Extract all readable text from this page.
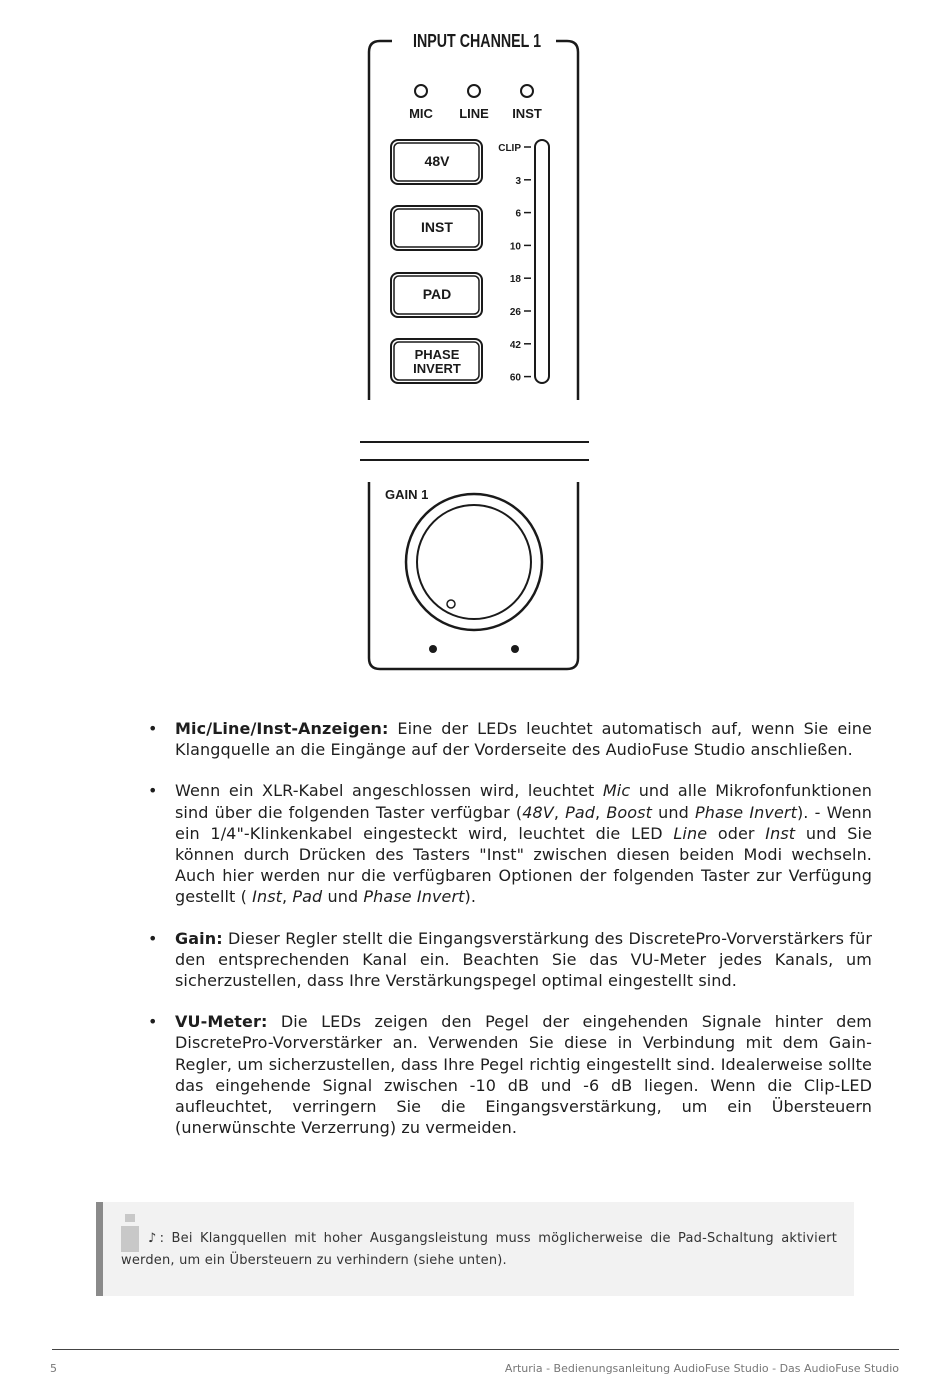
INPUT CHANNEL 1
MIC LINE INST
48V
INST
PAD
PHASE
INVERT
CLIP
3
6
10
18
26
42
60
GAIN 1
• Mic/Line/Inst-Anzeigen: Eine der LEDs leuchtet automatisch auf, wenn Sie eine Klangquelle an die Eingänge auf der Vorderseite des AudioFuse Studio anschließen.
• Wenn ein XLR-Kabel angeschlossen wird, leuchtet Mic und alle Mikrofonfunktionen sind über die folgenden Taster verfügbar (48V, Pad, Boost und Phase Invert). - Wenn ein 1/4"-Klinkenkabel eingesteckt wird, leuchtet die LED Line oder Inst und Sie können durch Drücken des Tasters "Inst" zwischen diesen beiden Modi wechseln. Auch hier werden nur die verfügbaren Optionen der folgenden Taster zur Verfügung gestellt ( Inst, Pad und Phase Invert).
• Gain: Dieser Regler stellt die Eingangsverstärkung des DiscretePro-Vorverstärkers für den entsprechenden Kanal ein. Beachten Sie das VU-Meter jedes Kanals, um sicherzustellen, dass Ihre Verstärkungspegel optimal eingestellt sind.
• VU-Meter: Die LEDs zeigen den Pegel der eingehenden Signale hinter dem DiscretePro-Vorverstärker an. Verwenden Sie diese in Verbindung mit dem Gain-Regler, um sicherzustellen, dass Ihre Pegel richtig eingestellt sind. Idealerweise sollte das eingehende Signal zwischen -10 dB und -6 dB liegen. Wenn die Clip-LED aufleuchtet, verringern Sie die Eingangsverstärkung, um ein Übersteuern (unerwünschte Verzerrung) zu vermeiden.
♪: Bei Klangquellen mit hoher Ausgangsleistung muss möglicherweise die Pad-Schaltung aktiviert werden, um ein Übersteuern zu verhindern (siehe unten).
5	Arturia - Bedienungsanleitung AudioFuse Studio - Das AudioFuse Studio
